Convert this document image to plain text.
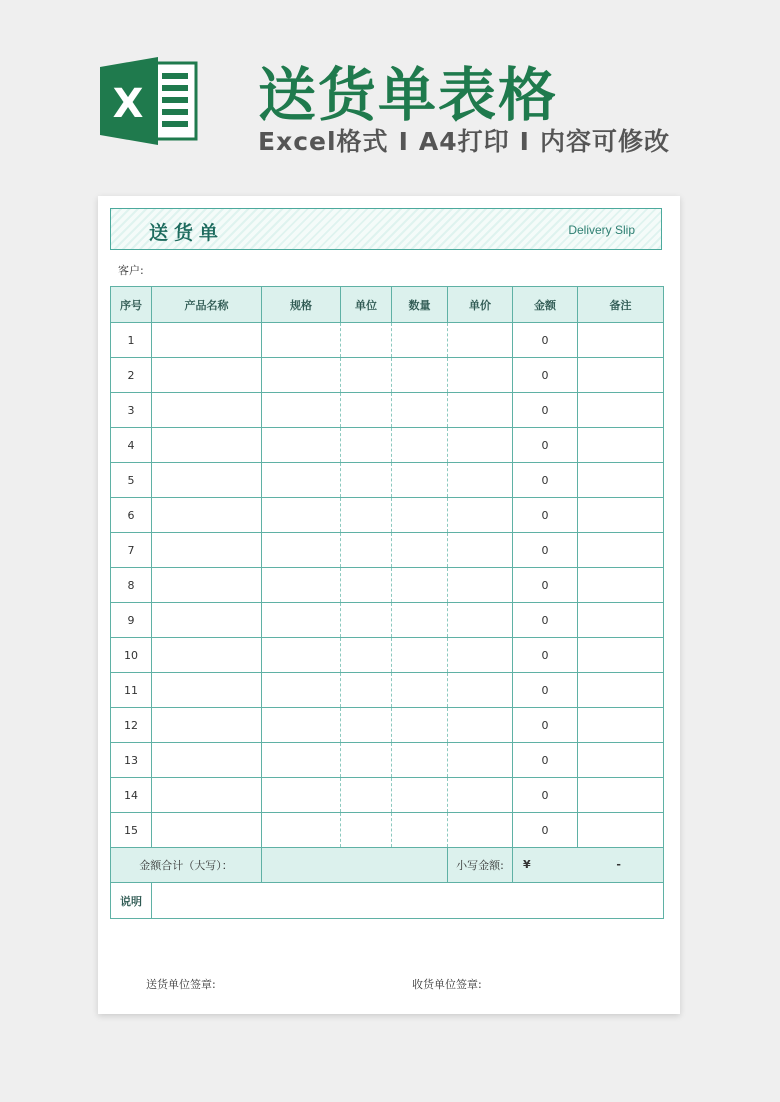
X 送货单表格
Excel格式 I A4打印 I 内容可修改
送货单	Delivery Slip
客户:
序号	产品名称	规格	单位	数量	单价	金额	备注
1						0	
2						0	
3						0	
4						0	
5						0	
6						0	
7						0	
8						0	
9						0	
10						0	
11						0	
12						0	
13						0	
14						0	
15						0	
金额合计（大写）：					小写金额:	¥ -	

说明							
送货单位签章:	收货单位签章:
